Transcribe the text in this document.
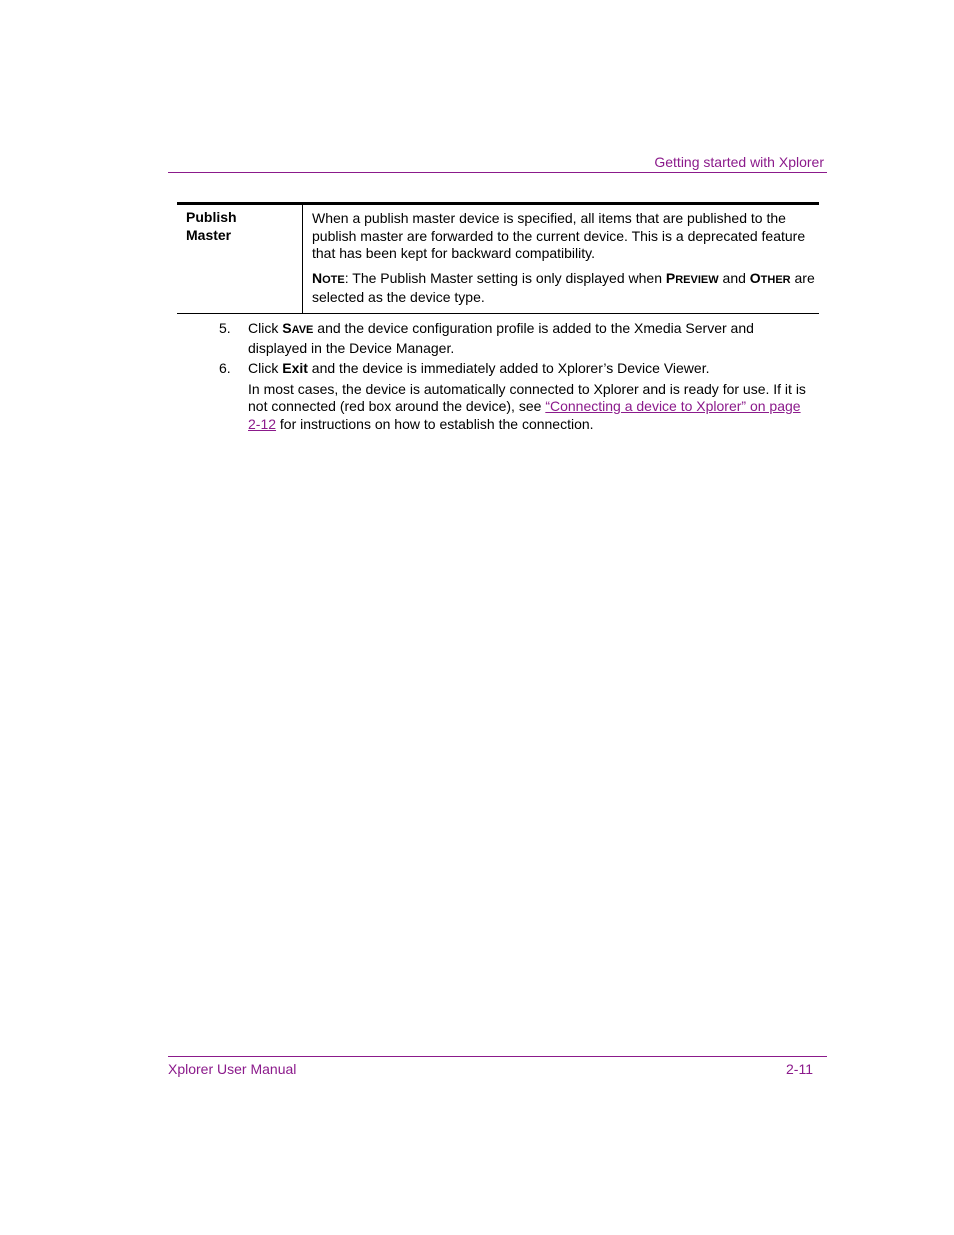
Getting started with Xplorer
Publish
Master	

When a publish master device is specified, all items that are published to the publish master are forwarded to the current device. This is a deprecated feature that has been kept for backward compatibility.

NOTE: The Publish Master setting is only displayed when PREVIEW and OTHER are selected as the device type.

5. Click SAVE and the device configuration profile is added to the Xmedia Server and displayed in the Device Manager.

6. Click Exit and the device is immediately added to Xplorer’s Device Viewer.

In most cases, the device is automatically connected to Xplorer and is ready for use. If it is not connected (red box around the device), see “Connecting a device to Xplorer” on page 2-12 for instructions on how to establish the connection.

Xplorer User Manual	2-11
